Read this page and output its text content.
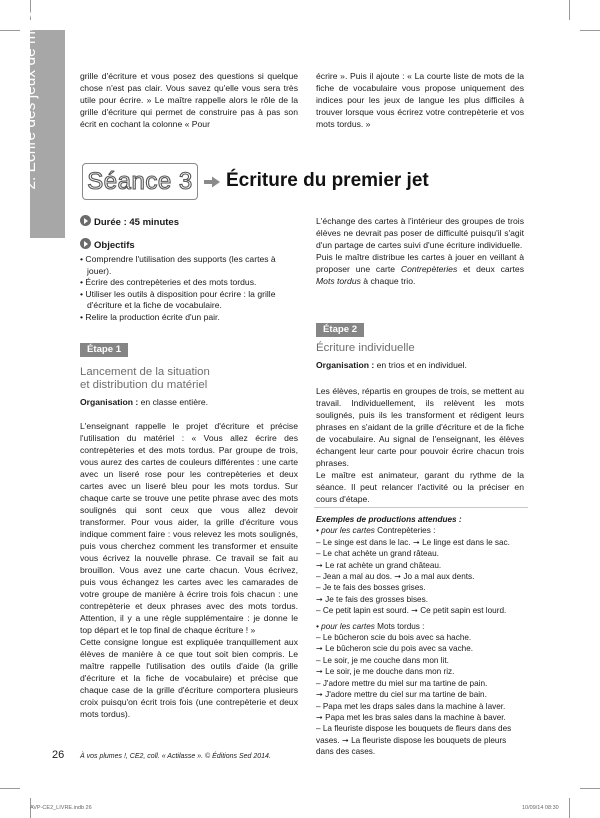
2. Écrire des jeux de mots	grille d'écriture et vous posez des questions si quelque chose n'est pas clair. Vous savez qu'elle vous sera très utile pour écrire. » Le maître rappelle alors le rôle de la grille d'écriture qui permet de construire pas à pas son écrit en cochant la colonne « Pour
écrire ». Puis il ajoute : « La courte liste de mots de la fiche de vocabulaire vous propose uniquement des indices pour les jeux de langue les plus difficiles à trouver lorsque vous écrirez votre contrepèterie et vos mots tordus. »
Séance 3 Écriture du premier jet
Durée : 45 minutes
Objectifs
• Comprendre l'utilisation des supports (les cartes à jouer).
• Écrire des contrepèteries et des mots tordus.
• Utiliser les outils à disposition pour écrire : la grille d'écriture et la fiche de vocabulaire.
• Relire la production écrite d'un pair.
Étape 1
Lancement de la situation
et distribution du matériel
Organisation : en classe entière.

L'enseignant rappelle le projet d'écriture et précise l'utilisation du matériel : « Vous allez écrire des contrepèteries et des mots tordus. Par groupe de trois, vous aurez des cartes de couleurs différentes : une carte avec un liseré rose pour les contrepèteries et deux cartes avec un liseré bleu pour les mots tordus. Sur chaque carte se trouve une petite phrase avec des mots soulignés qui sont ceux que vous allez devoir transformer. Pour vous aider, la grille d'écriture vous indique comment faire : vous relevez les mots soulignés, puis vous cherchez comment les transformer et ensuite vous écrivez la nouvelle phrase. Ce travail se fait au brouillon. Vous avez une carte chacun. Vous écrivez, puis vous échangez les cartes avec les camarades de votre groupe de manière à écrire trois fois chacun : une contrepèterie et deux phrases avec des mots tordus. Attention, il y a une règle supplémentaire : je donne le top départ et le top final de chaque écriture ! »

Cette consigne longue est expliquée tranquillement aux élèves de manière à ce que tout soit bien compris. Le maître rappelle l'utilisation des outils d'aide (la grille d'écriture et la fiche de vocabulaire) et précise que chaque case de la grille d'écriture comportera plusieurs croix puisqu'on écrit trois fois (une contrepèterie et deux mots tordus).

L'échange des cartes à l'intérieur des groupes de trois élèves ne devrait pas poser de difficulté puisqu'il s'agit d'un partage de cartes suivi d'une écriture individuelle.

Puis le maître distribue les cartes à jouer en veillant à proposer une carte Contrepèteries et deux cartes Mots tordus à chaque trio.

Étape 2
Écriture individuelle
Organisation : en trios et en individuel.

Les élèves, répartis en groupes de trois, se mettent au travail. Individuellement, ils relèvent les mots soulignés, puis ils les transforment et rédigent leurs phrases en s'aidant de la grille d'écriture et de la fiche de vocabulaire. Au signal de l'enseignant, les élèves échangent leur carte pour pouvoir écrire chacun trois phrases.

Le maître est animateur, garant du rythme de la séance. Il peut relancer l'activité ou la préciser en cours d'étape.

Exemples de productions attendues :
• pour les cartes Contrepèteries :
– Le singe est dans le lac. ➞ Le linge est dans le sac.
– Le chat achète un grand râteau.
➞ Le rat achète un grand château.
– Jean a mal au dos. ➞ Jo a mal aux dents.
– Je te fais des bosses grises.
➞ Je te fais des grosses bises.
– Ce petit lapin est sourd. ➞ Ce petit sapin est lourd.
• pour les cartes Mots tordus :
– Le bûcheron scie du bois avec sa hache.
➞ Le bûcheron scie du pois avec sa vache.
– Le soir, je me couche dans mon lit.
➞ Le soir, je me douche dans mon riz.
– J'adore mettre du miel sur ma tartine de pain.
➞ J'adore mettre du ciel sur ma tartine de bain.
– Papa met les draps sales dans la machine à laver.
➞ Papa met les bras sales dans la machine à baver.
– La fleuriste dispose les bouquets de fleurs dans des
vases. ➞ La fleuriste dispose les bouquets de pleurs
dans des cases.
26 À vos plumes !, CE2, coll. « Actilasse ». © Éditions Sed 2014.
AVP-CE2_LIVRE.indb 26	10/09/14 08:30
